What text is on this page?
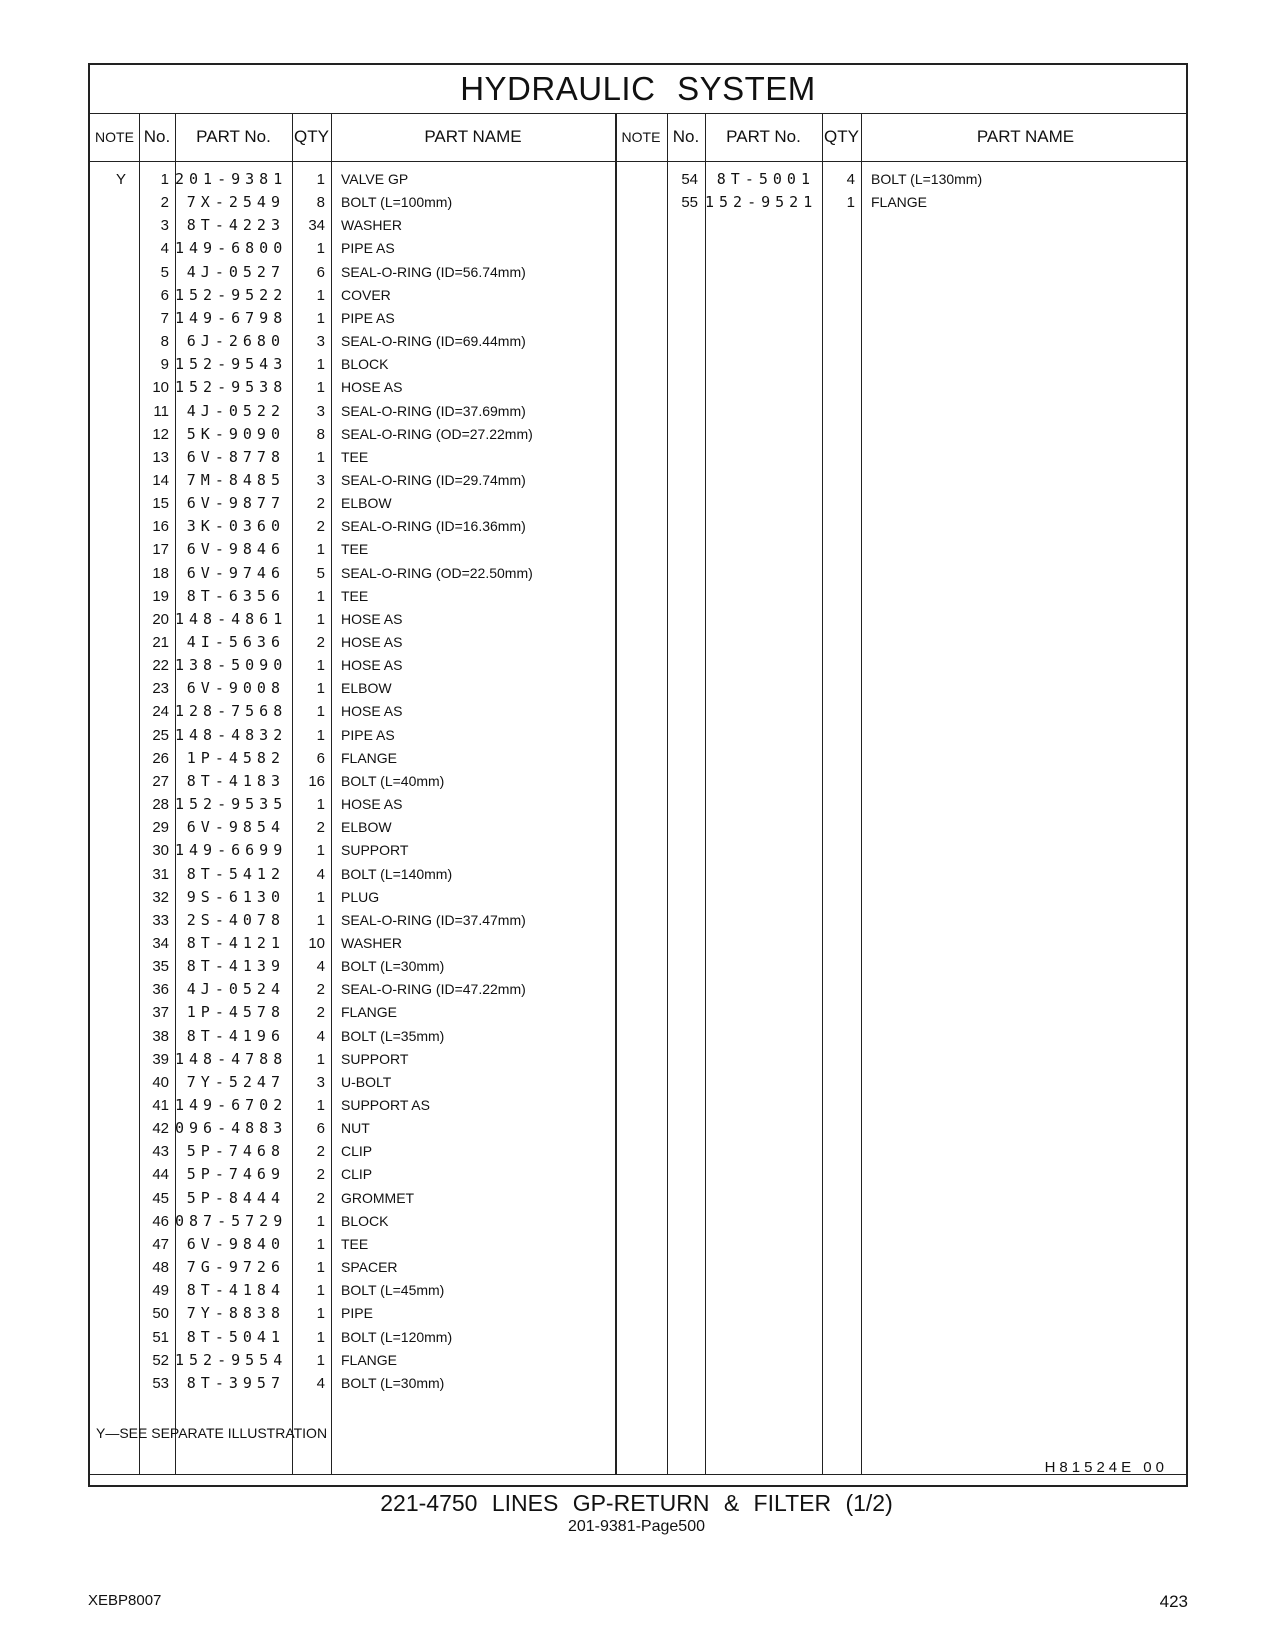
HYDRAULIC SYSTEM
NOTE No.	PART No.	QTY	PART NAME	NOTE No.	PART No.	QTY	PART NAME
Y	1 201-9381	1 VALVE GP
2	7X-2549	8 BOLT (L=100mm)
3	8T-4223	34 WASHER
4 149-6800	1 PIPE AS
5	4J-0527	6 SEAL-O-RING (ID=56.74mm)
6 152-9522	1 COVER
7 149-6798	1 PIPE AS
8	6J-2680	3 SEAL-O-RING (ID=69.44mm)
9 152-9543	1 BLOCK
10 152-9538	1 HOSE AS
11	4J-0522	3 SEAL-O-RING (ID=37.69mm)
12	5K-9090	8 SEAL-O-RING (OD=27.22mm)
13	6V-8778	1 TEE
14	7M-8485	3 SEAL-O-RING (ID=29.74mm)
15	6V-9877	2 ELBOW
16	3K-0360	2 SEAL-O-RING (ID=16.36mm)
17	6V-9846	1 TEE
18	6V-9746	5 SEAL-O-RING (OD=22.50mm)
19	8T-6356	1 TEE
20 148-4861	1 HOSE AS
21	4I-5636	2 HOSE AS
22 138-5090	1 HOSE AS
23	6V-9008	1 ELBOW
24 128-7568	1 HOSE AS
25 148-4832	1 PIPE AS
26	1P-4582	6 FLANGE
27	8T-4183	16 BOLT (L=40mm)
28 152-9535	1 HOSE AS
29	6V-9854	2 ELBOW
30 149-6699	1 SUPPORT
31	8T-5412	4 BOLT (L=140mm)
32	9S-6130	1 PLUG
33	2S-4078	1 SEAL-O-RING (ID=37.47mm)
34	8T-4121	10 WASHER
35	8T-4139	4 BOLT (L=30mm)
36	4J-0524	2 SEAL-O-RING (ID=47.22mm)
37	1P-4578	2 FLANGE
38	8T-4196	4 BOLT (L=35mm)
39 148-4788	1 SUPPORT
40	7Y-5247	3 U-BOLT
41 149-6702	1 SUPPORT AS
42 096-4883	6 NUT
43	5P-7468	2 CLIP
44	5P-7469	2 CLIP
45	5P-8444	2 GROMMET
46 087-5729	1 BLOCK
47	6V-9840	1 TEE
48	7G-9726	1 SPACER
49	8T-4184	1 BOLT (L=45mm)
50	7Y-8838	1 PIPE
51	8T-5041	1 BOLT (L=120mm)
52 152-9554	1 FLANGE
53	8T-3957	4 BOLT (L=30mm)
54	8T-5001	4 BOLT (L=130mm)
55 152-9521	1 FLANGE
Y—SEE SEPARATE ILLUSTRATION
H81524E 00
221-4750 LINES GP-RETURN & FILTER (1/2)
201-9381-Page500
XEBP8007	423
